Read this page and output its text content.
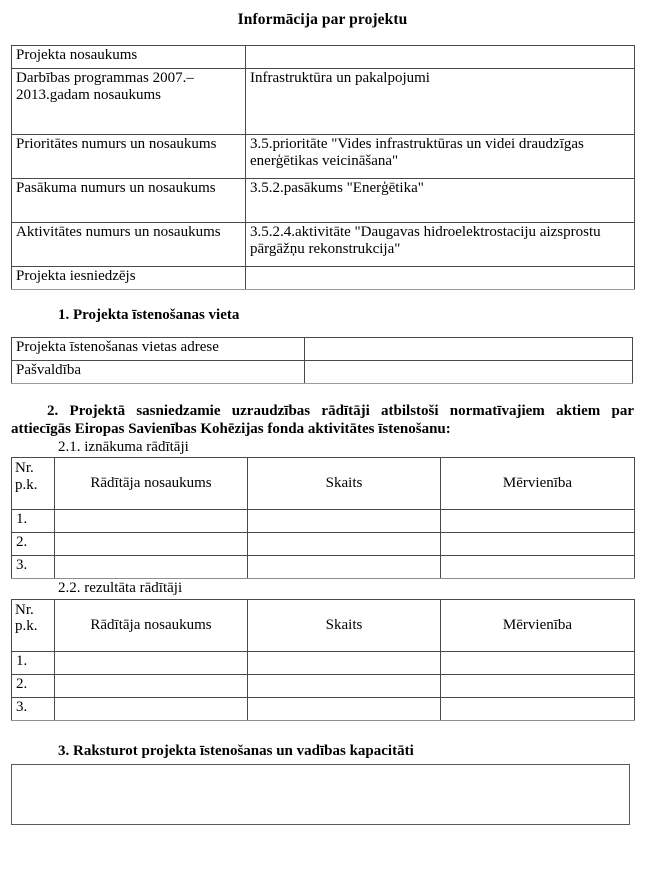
Informācija par projektu
Projekta nosaukums	
Darbības programmas 2007.–2013.gadam nosaukums	Infrastruktūra un pakalpojumi
Prioritātes numurs un nosaukums	3.5.prioritāte "Vides infrastruktūras un videi draudzīgas enerģētikas veicināšana"
Pasākuma numurs un nosaukums	3.5.2.pasākums "Enerģētika"
Aktivitātes numurs un nosaukums	3.5.2.4.aktivitāte "Daugavas hidroelektrostaciju aizsprostu pārgāžņu rekonstrukcija"
Projekta iesniedzējs	

1. Projekta īstenošanas vieta

Projekta īstenošanas vietas adrese	
Pašvaldība	

2. Projektā sasniedzamie uzraudzības rādītāji atbilstoši normatīvajiem aktiem par attiecīgās Eiropas Savienības Kohēzijas fonda aktivitātes īstenošanu:

2.1. iznākuma rādītāji

Nr.
p.k.	Rādītāja nosaukums	Skaits	Mērvienība
1.			
2.			
3.			

2.2. rezultāta rādītāji

Nr.
p.k.	Rādītāja nosaukums	Skaits	Mērvienība
1.			
2.			
3.			

3. Raksturot projekta īstenošanas un vadības kapacitāti
